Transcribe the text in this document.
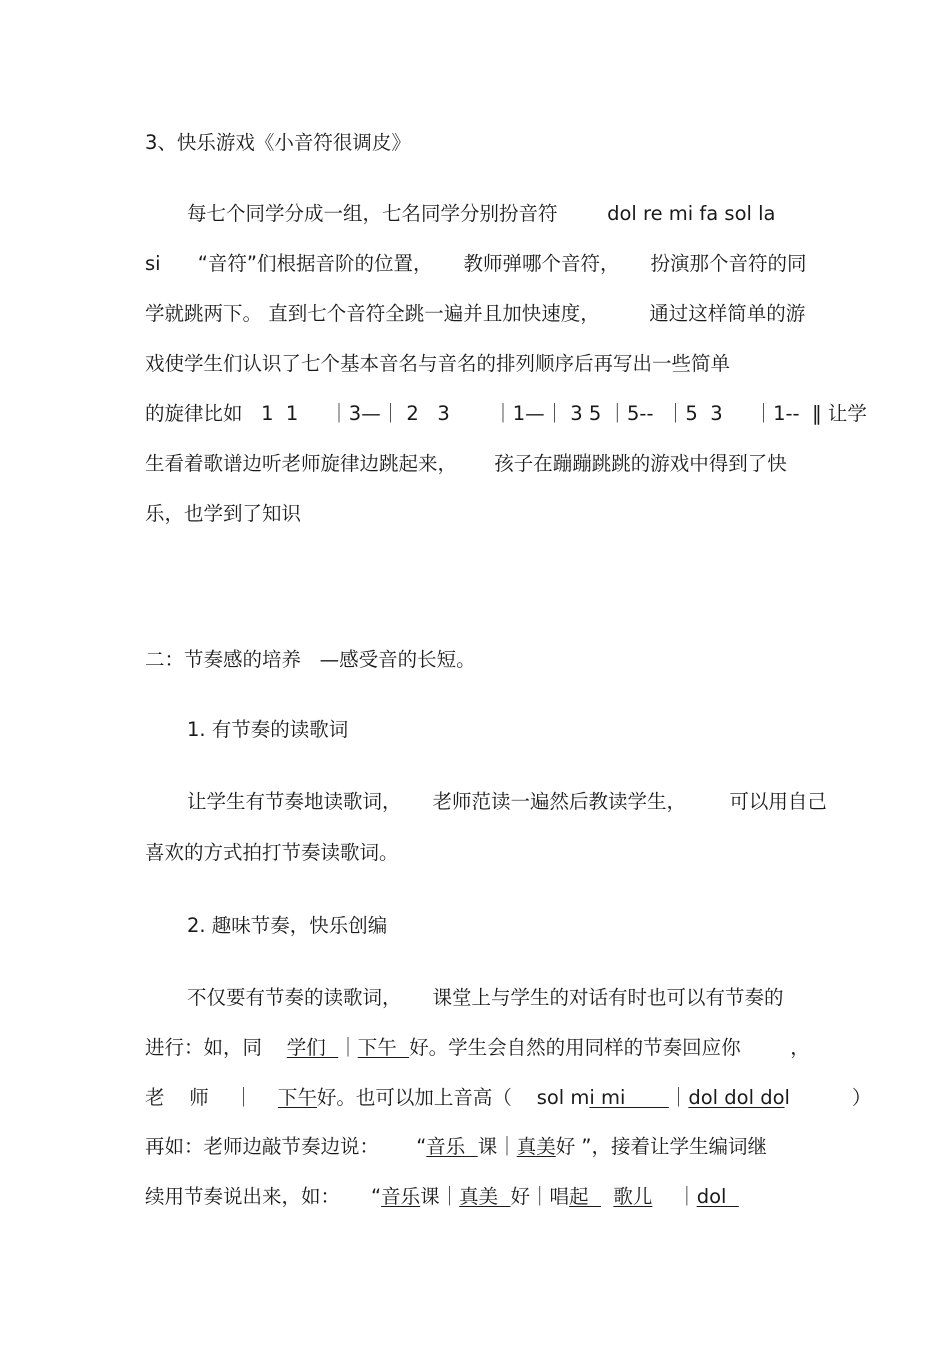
3、快乐游戏《小音符很调皮》
每七个同学分成一组，七名同学分别扮音符        dol re mi fa sol la
si      “音符”们根据音阶的位置，     教师弹哪个音符，     扮演那个音符的同
学就跳两下。 直到七个音符全跳一遍并且加快速度，        通过这样简单的游
戏使学生们认识了七个基本音名与音名的排列顺序后再写出一些简单
的旋律比如   1  1     ｜3—｜ 2   3       ｜1—｜ 3 5 ｜5--  ｜5  3     ｜1--  ‖ 让学
生看着歌谱边听老师旋律边跳起来，      孩子在蹦蹦跳跳的游戏中得到了快
乐，也学到了知识
二：节奏感的培养   —感受音的长短。
1. 有节奏的读歌词
让学生有节奏地读歌词，     老师范读一遍然后教读学生，       可以用自己
喜欢的方式拍打节奏读歌词。
2. 趣味节奏，快乐创编
不仅要有节奏的读歌词，     课堂上与学生的对话有时也可以有节奏的
进行：如，同    学们  ｜下午  好。学生会自然的用同样的节奏回应你        ，
老    师    ｜    下午好。也可以加上音高（    sol mi mi       ｜dol dol dol          ）
再如：老师边敲节奏边说：      “音乐  课｜真美好 ”，接着让学生编词继
续用节奏说出来，如：     “音乐课｜真美  好｜唱起    歌儿    ｜dol
